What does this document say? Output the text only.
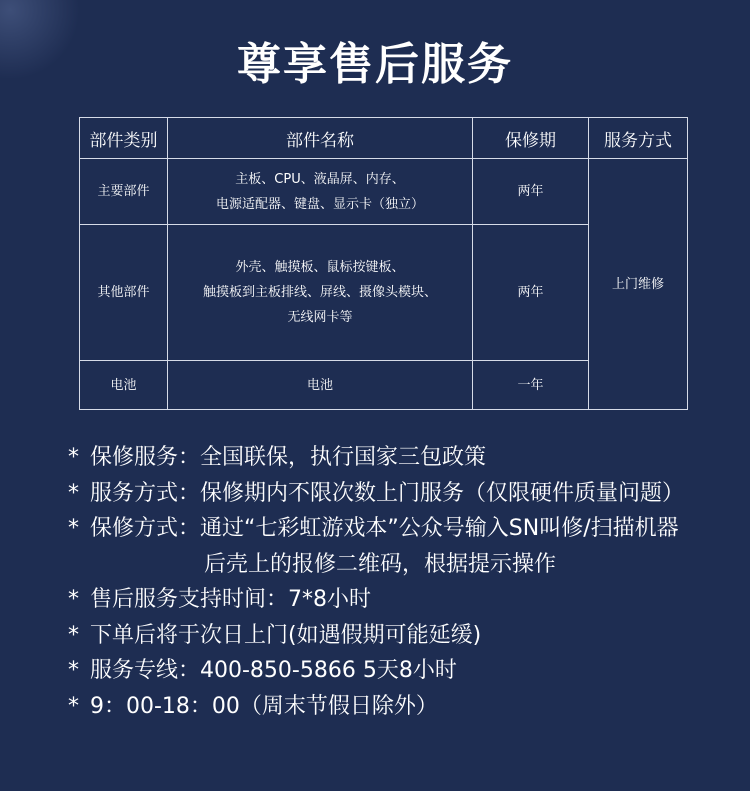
尊享售后服务
部件类别	部件名称	保修期	服务方式
主要部件	主板、CPU、液晶屏、内存、
电源适配器、键盘、显示卡（独立）	两年	上门维修
其他部件	外壳、触摸板、鼠标按键板、
触摸板到主板排线、屏线、摄像头模块、
无线网卡等	两年	
电池	电池	一年	
* 保修服务：全国联保，执行国家三包政策
* 服务方式：保修期内不限次数上门服务（仅限硬件质量问题）
* 保修方式：通过“七彩虹游戏本”公众号输入SN叫修/扫描机器
后壳上的报修二维码，根据提示操作
* 售后服务支持时间：7*8小时
* 下单后将于次日上门(如遇假期可能延缓)
* 服务专线：400-850-5866 5天8小时
* 9：00-18：00（周末节假日除外）
